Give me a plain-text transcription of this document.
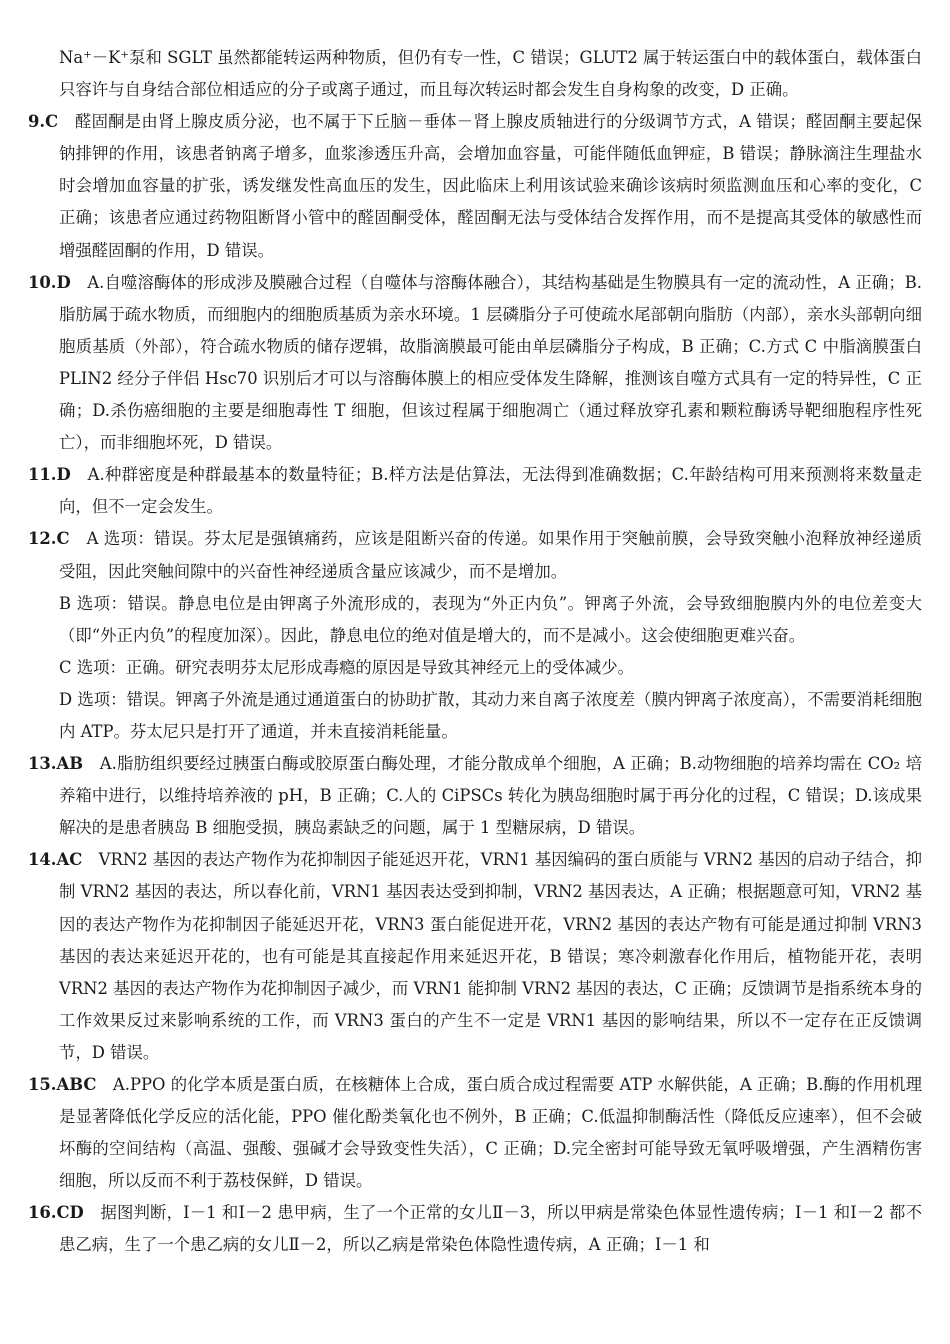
Na⁺－K⁺泵和 SGLT 虽然都能转运两种物质，但仍有专一性，C 错误；GLUT2 属于转运蛋白中的载体蛋白，载体蛋白只容许与自身结合部位相适应的分子或离子通过，而且每次转运时都会发生自身构象的改变，D 正确。

9.C　醛固酮是由肾上腺皮质分泌，也不属于下丘脑－垂体－肾上腺皮质轴进行的分级调节方式，A 错误；醛固酮主要起保钠排钾的作用，该患者钠离子增多，血浆渗透压升高，会增加血容量，可能伴随低血钾症，B 错误；静脉滴注生理盐水时会增加血容量的扩张，诱发继发性高血压的发生，因此临床上利用该试验来确诊该病时须监测血压和心率的变化，C 正确；该患者应通过药物阻断肾小管中的醛固酮受体，醛固酮无法与受体结合发挥作用，而不是提高其受体的敏感性而增强醛固酮的作用，D 错误。

10.D　A.自噬溶酶体的形成涉及膜融合过程（自噬体与溶酶体融合），其结构基础是生物膜具有一定的流动性，A 正确；B.脂肪属于疏水物质，而细胞内的细胞质基质为亲水环境。1 层磷脂分子可使疏水尾部朝向脂肪（内部），亲水头部朝向细胞质基质（外部），符合疏水物质的储存逻辑，故脂滴膜最可能由单层磷脂分子构成，B 正确；C.方式 C 中脂滴膜蛋白 PLIN2 经分子伴侣 Hsc70 识别后才可以与溶酶体膜上的相应受体发生降解，推测该自噬方式具有一定的特异性，C 正确；D.杀伤癌细胞的主要是细胞毒性 T 细胞，但该过程属于细胞凋亡（通过释放穿孔素和颗粒酶诱导靶细胞程序性死亡），而非细胞坏死，D 错误。

11.D　A.种群密度是种群最基本的数量特征；B.样方法是估算法，无法得到准确数据；C.年龄结构可用来预测将来数量走向，但不一定会发生。

12.C　A 选项：错误。芬太尼是强镇痛药，应该是阻断兴奋的传递。如果作用于突触前膜，会导致突触小泡释放神经递质受阻，因此突触间隙中的兴奋性神经递质含量应该减少，而不是增加。

B 选项：错误。静息电位是由钾离子外流形成的，表现为“外正内负”。钾离子外流，会导致细胞膜内外的电位差变大（即“外正内负”的程度加深）。因此，静息电位的绝对值是增大的，而不是减小。这会使细胞更难兴奋。

C 选项：正确。研究表明芬太尼形成毒瘾的原因是导致其神经元上的受体减少。

D 选项：错误。钾离子外流是通过通道蛋白的协助扩散，其动力来自离子浓度差（膜内钾离子浓度高），不需要消耗细胞内 ATP。芬太尼只是打开了通道，并未直接消耗能量。

13.AB　A.脂肪组织要经过胰蛋白酶或胶原蛋白酶处理，才能分散成单个细胞，A 正确；B.动物细胞的培养均需在 CO₂ 培养箱中进行，以维持培养液的 pH，B 正确；C.人的 CiPSCs 转化为胰岛细胞时属于再分化的过程，C 错误；D.该成果解决的是患者胰岛 B 细胞受损，胰岛素缺乏的问题，属于 1 型糖尿病，D 错误。

14.AC　VRN2 基因的表达产物作为花抑制因子能延迟开花，VRN1 基因编码的蛋白质能与 VRN2 基因的启动子结合，抑制 VRN2 基因的表达，所以春化前，VRN1 基因表达受到抑制，VRN2 基因表达，A 正确；根据题意可知，VRN2 基因的表达产物作为花抑制因子能延迟开花，VRN3 蛋白能促进开花，VRN2 基因的表达产物有可能是通过抑制 VRN3 基因的表达来延迟开花的，也有可能是其直接起作用来延迟开花，B 错误；寒冷刺激春化作用后，植物能开花，表明 VRN2 基因的表达产物作为花抑制因子减少，而 VRN1 能抑制 VRN2 基因的表达，C 正确；反馈调节是指系统本身的工作效果反过来影响系统的工作，而 VRN3 蛋白的产生不一定是 VRN1 基因的影响结果，所以不一定存在正反馈调节，D 错误。

15.ABC　A.PPO 的化学本质是蛋白质，在核糖体上合成，蛋白质合成过程需要 ATP 水解供能，A 正确；B.酶的作用机理是显著降低化学反应的活化能，PPO 催化酚类氧化也不例外，B 正确；C.低温抑制酶活性（降低反应速率），但不会破坏酶的空间结构（高温、强酸、强碱才会导致变性失活），C 正确；D.完全密封可能导致无氧呼吸增强，产生酒精伤害细胞，所以反而不利于荔枝保鲜，D 错误。

16.CD　据图判断，Ⅰ－1 和Ⅰ－2 患甲病，生了一个正常的女儿Ⅱ－3，所以甲病是常染色体显性遗传病；Ⅰ－1 和Ⅰ－2 都不患乙病，生了一个患乙病的女儿Ⅱ－2，所以乙病是常染色体隐性遗传病，A 正确；Ⅰ－1 和
